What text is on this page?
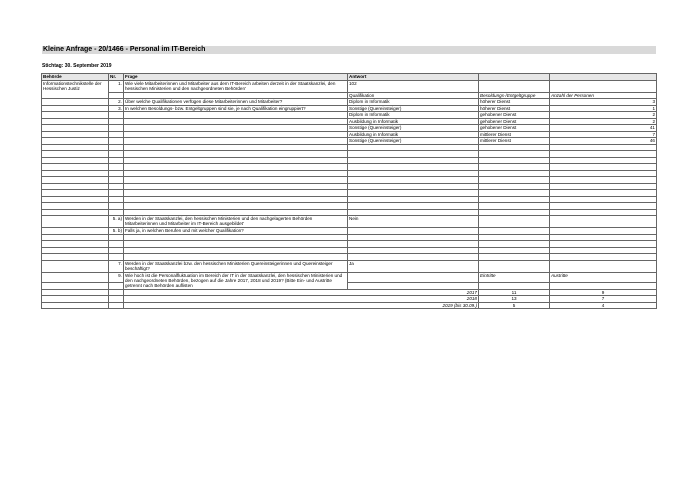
Kleine Anfrage - 20/1466 - Personal im IT-Bereich
Stichtag: 30. September 2019
Behörde	Nr.	Frage	Antwort		
Informationstechnikstelle der Hessischen Justiz	1.	Wie viele Mitarbeiterinnen und Mitarbeiter aus dem IT-Bereich arbeiten derzeit in der Staatskanzlei, den hessischen Ministerien und den nachgeordneten Behörden'	102		
			Qualifikation	Besoldungs-/Entgeltgruppe	Anzahl der Personen
	2.	Über welche Qualifikationen verfügen diese Mitarbeiterinnen und Mitarbeiter?	Diplom in Informatik	höherer Dienst	3
	3.	In welchen Besoldungs- bzw. Entgeltgruppen sind sie, je nach Qualifikation eingruppiert?	Sonstige (Quereinsteiger)	höherer Dienst	1
			Diplom in Informatik	gehobener Dienst	2
			Ausbildung in Informatik	gehobener Dienst	2
			Sonstige (Quereinsteiger)	gehobener Dienst	41
			Ausbildung in Informatik	mittlerer Dienst	7
			Sonstige (Quereinsteiger)	mittlerer Dienst	46

	5. a)	Werden in der Staatskanzlei, den hessischen Ministerien und den nachgelagerten Behörden Mitarbeiterinnen und Mitarbeiter im IT-Bereich ausgebildet'	Nein		
	5. b)	Falls ja, in welchen Berufen und mit welcher Qualifikation?			

	7.	Werden in der Staatskanzlei bzw. den hessischen Ministerien Quereinsteigerinnen und Quereinsteiger beschäftigt?	Ja		
	9.	Wie hoch ist die Personalfluktuation im Bereich der IT in der Staatskanzlei, den hessischen Ministerien und den nachgeordneten Behörden, bezogen auf die Jahre 2017, 2018 und 2019? (Bitte Ein- und Austritte getrennt nach Behörden auflisten		Eintritte	Austritte

		2017		11	9
		2018		13	7
		2019 (bis 30.09.)		5	4
